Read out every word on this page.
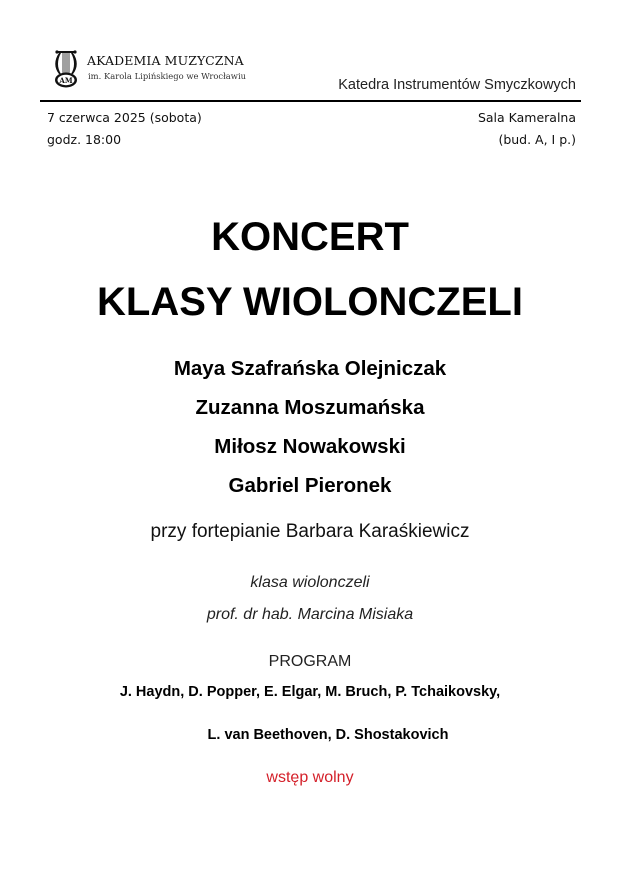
AM
AKADEMIA MUZYCZNA
im. Karola Lipińskiego we Wrocławiu
Katedra Instrumentów Smyczkowych
7 czerwca 2025 (sobota)
godz. 18:00
Sala Kameralna
(bud. A, I p.)
KONCERT
KLASY WIOLONCZELI
Maya Szafrańska Olejniczak
Zuzanna Moszumańska
Miłosz Nowakowski
Gabriel Pieronek
przy fortepianie Barbara Karaśkiewicz
klasa wiolonczeli
prof. dr hab. Marcina Misiaka
PROGRAM
J. Haydn, D. Popper, E. Elgar, M. Bruch, P. Tchaikovsky,
L. van Beethoven, D. Shostakovich
wstęp wolny
